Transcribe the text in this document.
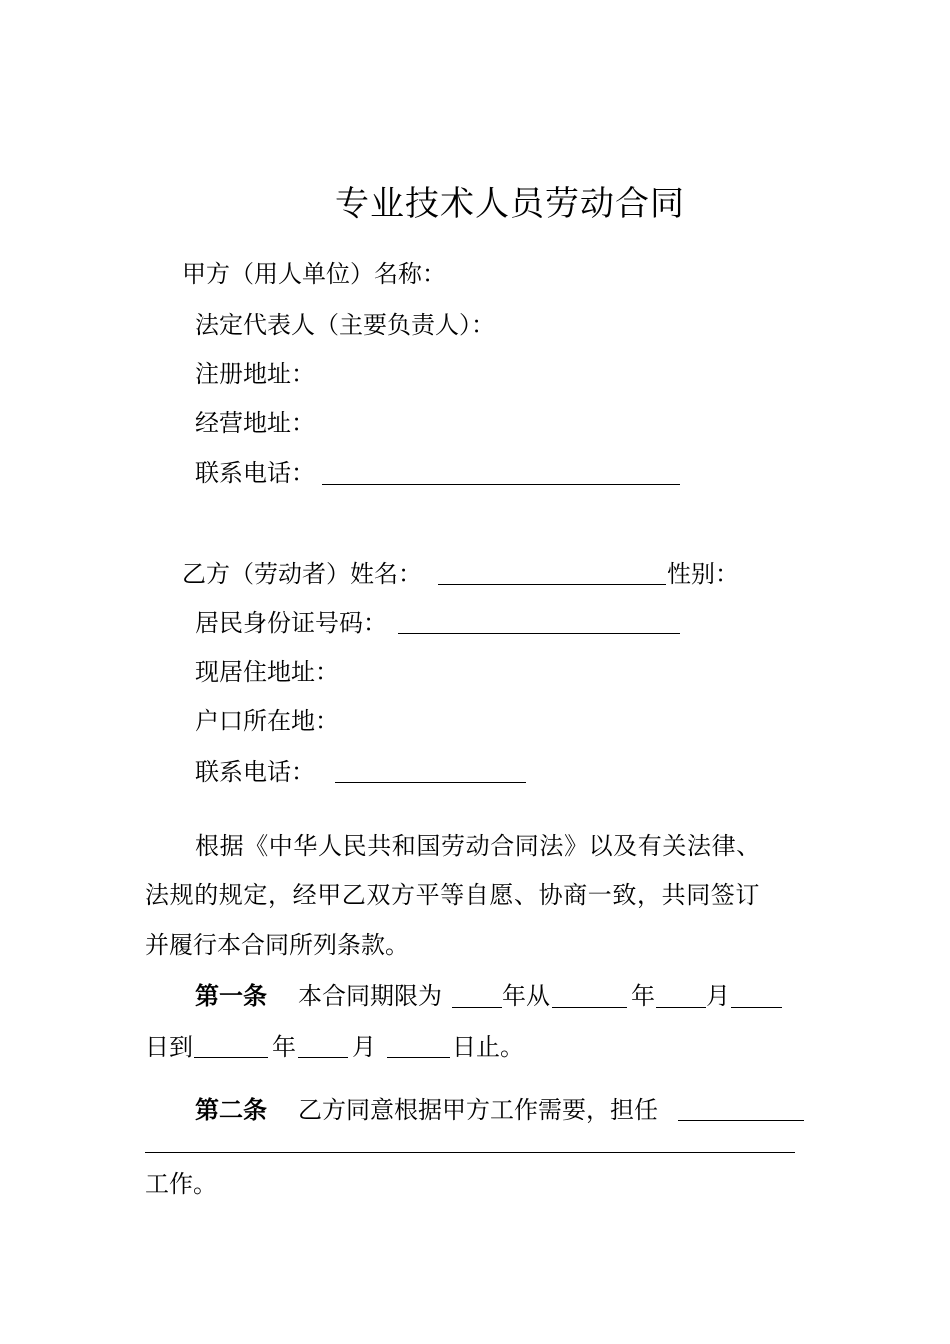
专业技术人员劳动合同
甲方（用人单位）名称：
法定代表人（主要负责人）：
注册地址：
经营地址：
联系电话：
乙方（劳动者）姓名：	性别：
居民身份证号码：
现居住地址：
户口所在地：
联系电话：
根据《中华人民共和国劳动合同法》以及有关法律、
法规的规定，经甲乙双方平等自愿、协商一致，共同签订
并履行本合同所列条款。
第一条 本合同期限为	年从	年 月
日到	年 月	日止。
第二条 乙方同意根据甲方工作需要，担任
工作。
